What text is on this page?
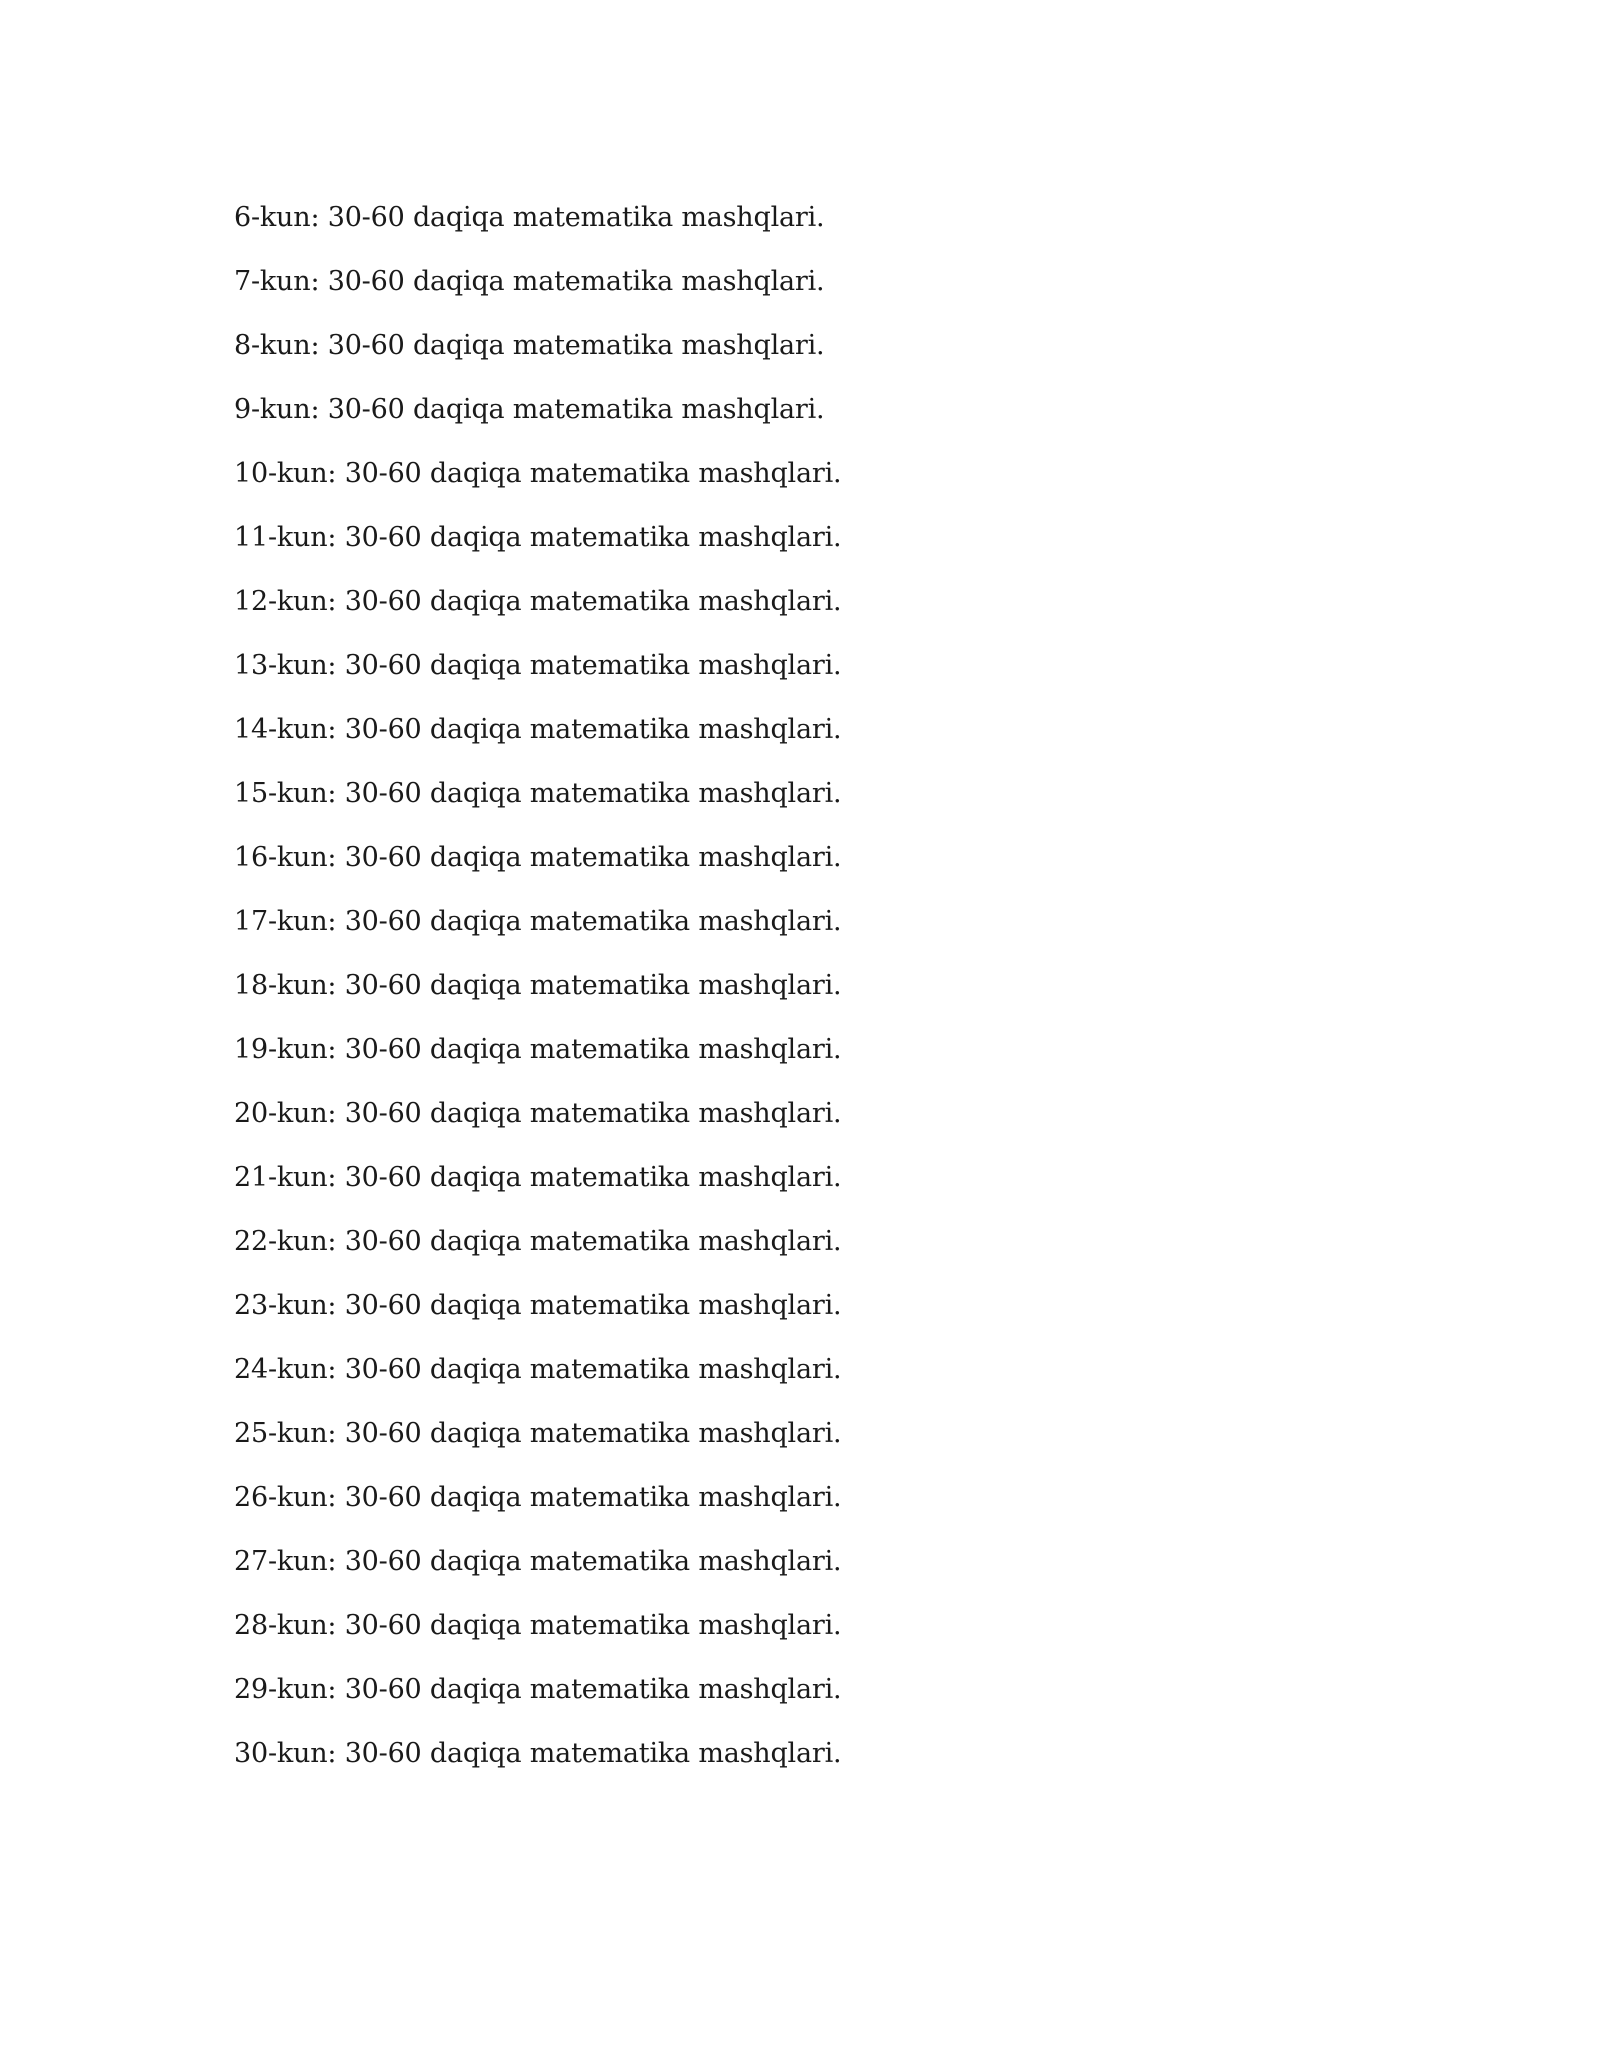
6-kun: 30-60 daqiqa matematika mashqlari.
7-kun: 30-60 daqiqa matematika mashqlari.
8-kun: 30-60 daqiqa matematika mashqlari.
9-kun: 30-60 daqiqa matematika mashqlari.
10-kun: 30-60 daqiqa matematika mashqlari.
11-kun: 30-60 daqiqa matematika mashqlari.
12-kun: 30-60 daqiqa matematika mashqlari.
13-kun: 30-60 daqiqa matematika mashqlari.
14-kun: 30-60 daqiqa matematika mashqlari.
15-kun: 30-60 daqiqa matematika mashqlari.
16-kun: 30-60 daqiqa matematika mashqlari.
17-kun: 30-60 daqiqa matematika mashqlari.
18-kun: 30-60 daqiqa matematika mashqlari.
19-kun: 30-60 daqiqa matematika mashqlari.
20-kun: 30-60 daqiqa matematika mashqlari.
21-kun: 30-60 daqiqa matematika mashqlari.
22-kun: 30-60 daqiqa matematika mashqlari.
23-kun: 30-60 daqiqa matematika mashqlari.
24-kun: 30-60 daqiqa matematika mashqlari.
25-kun: 30-60 daqiqa matematika mashqlari.
26-kun: 30-60 daqiqa matematika mashqlari.
27-kun: 30-60 daqiqa matematika mashqlari.
28-kun: 30-60 daqiqa matematika mashqlari.
29-kun: 30-60 daqiqa matematika mashqlari.
30-kun: 30-60 daqiqa matematika mashqlari.
